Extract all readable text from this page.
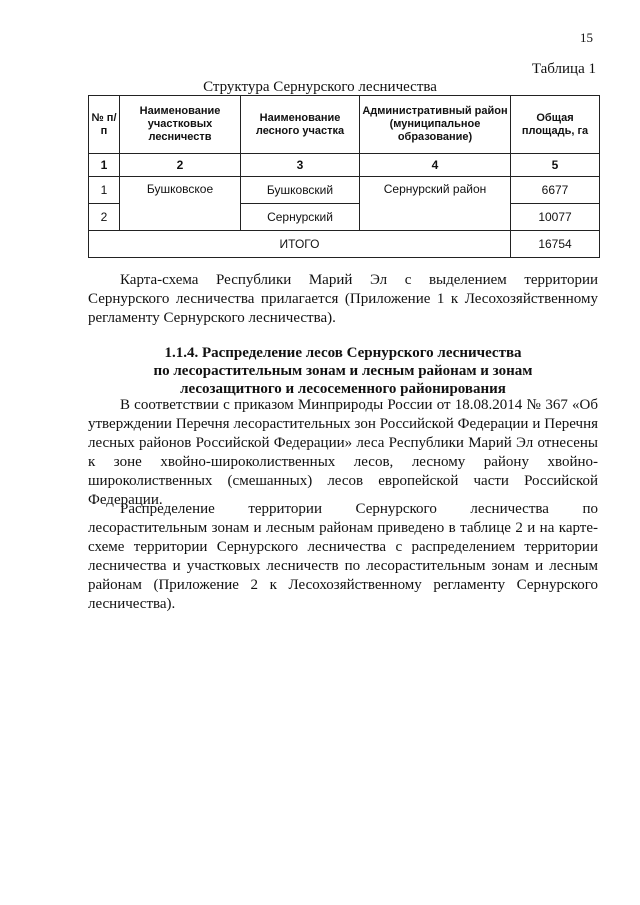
15
Таблица 1
Структура Сернурского лесничества
№ п/п	Наименование участковых лесничеств	Наименование лесного участка	Административный район (муниципальное образование)	Общая площадь, га
1	2	3	4	5
1	Бушковское	Бушковский	Сернурский район	6677
2		Сернурский		10077
ИТОГО				16754
Карта-схема Республики Марий Эл с выделением территории Сернурского лесничества прилагается (Приложение 1 к Лесохозяйственному регламенту Сернурского лесничества).
1.1.4. Распределение лесов Сернурского лесничества
по лесорастительным зонам и лесным районам и зонам
лесозащитного и лесосеменного районирования
В соответствии с приказом Минприроды России от 18.08.2014 № 367 «Об утверждении Перечня лесорастительных зон Российской Федерации и Перечня лесных районов Российской Федерации» леса Республики Марий Эл отнесены к зоне хвойно-широколиственных лесов, лесному району хвойно-широколиственных (смешанных) лесов европейской части Российской Федерации.
Распределение территории Сернурского лесничества по лесорастительным зонам и лесным районам приведено в таблице 2 и на карте-схеме территории Сернурского лесничества с распределением территории лесничества и участковых лесничеств по лесорастительным зонам и лесным районам (Приложение 2 к Лесохозяйственному регламенту Сернурского лесничества).
